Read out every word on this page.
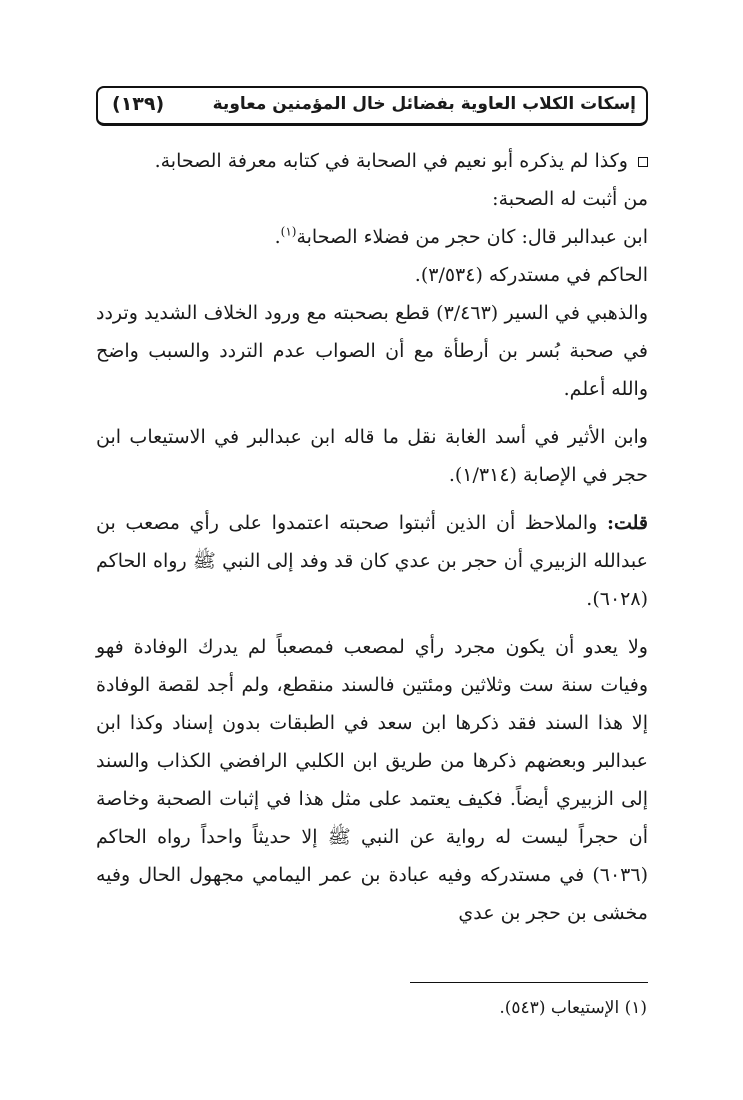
إسكات الكلاب العاوية بفضائل خال المؤمنين معاوية
(١٣٩)

وكذا لم يذكره أبو نعيم في الصحابة في كتابه معرفة الصحابة.

من أثبت له الصحبة:

ابن عبدالبر قال: كان حجر من فضلاء الصحابة$^{(١)}$.

الحاكم في مستدركه (٣/٥٣٤).

والذهبي في السير (٣/٤٦٣) قطع بصحبته مع ورود الخلاف الشديد وتردد في صحبة بُسر بن أرطأة مع أن الصواب عدم التردد والسبب واضح والله أعلم.

وابن الأثير في أسد الغابة نقل ما قاله ابن عبدالبر في الاستيعاب ابن حجر في الإصابة (١/٣١٤).

قلت: والملاحظ أن الذين أثبتوا صحبته اعتمدوا على رأي مصعب بن عبدالله الزبيري أن حجر بن عدي كان قد وفد إلى النبي ﷺ رواه الحاكم (٦٠٢٨).

ولا يعدو أن يكون مجرد رأي لمصعب فمصعباً لم يدرك الوفادة فهو وفيات سنة ست وثلاثين ومئتين فالسند منقطع، ولم أجد لقصة الوفادة إلا هذا السند فقد ذكرها ابن سعد في الطبقات بدون إسناد وكذا ابن عبدالبر وبعضهم ذكرها من طريق ابن الكلبي الرافضي الكذاب والسند إلى الزبيري أيضاً. فكيف يعتمد على مثل هذا في إثبات الصحبة وخاصة أن حجراً ليست له رواية عن النبي ﷺ إلا حديثاً واحداً رواه الحاكم (٦٠٣٦) في مستدركه وفيه عبادة بن عمر اليمامي مجهول الحال وفيه مخشى بن حجر بن عدي

(١) الإستيعاب (٥٤٣).
